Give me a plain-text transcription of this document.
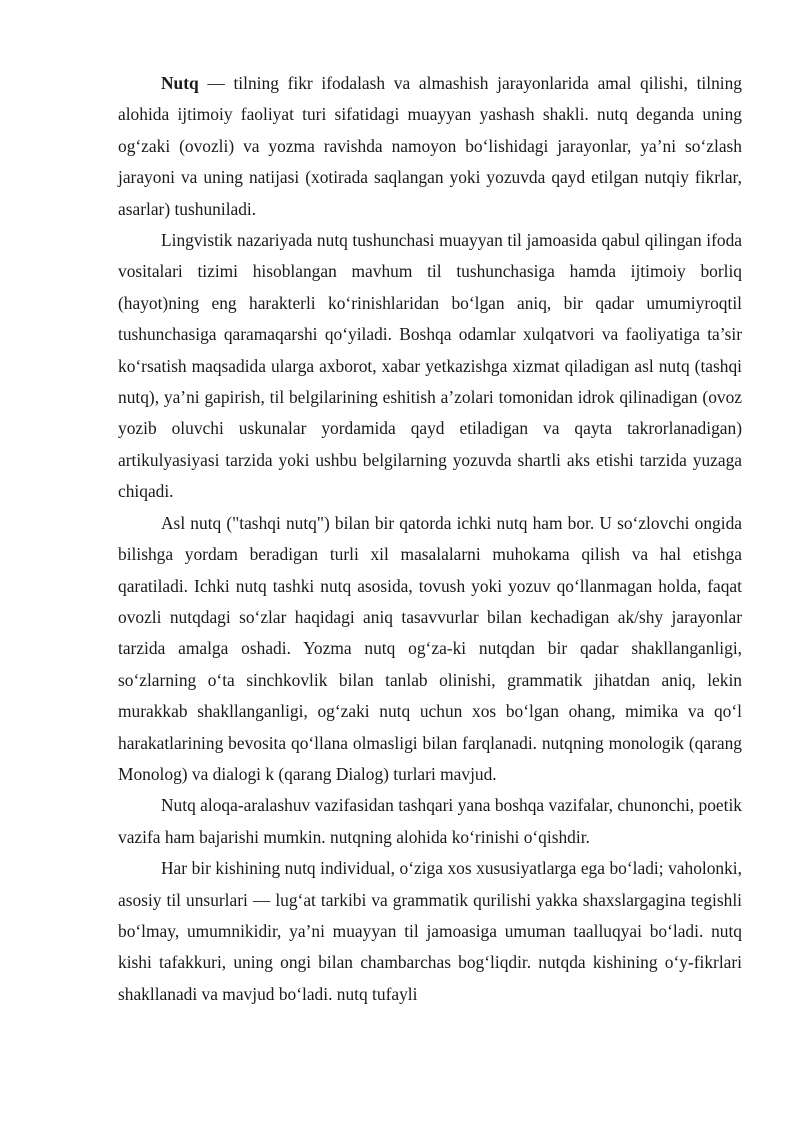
Nutq — tilning fikr ifodalash va almashish jarayonlarida amal qilishi, tilning alohida ijtimoiy faoliyat turi sifatidagi muayyan yashash shakli. nutq deganda uning og‘zaki (ovozli) va yozma ravishda namoyon bo‘lishidagi jarayonlar, ya’ni so‘zlash jarayoni va uning natijasi (xotirada saqlangan yoki yozuvda qayd etilgan nutqiy fikrlar, asarlar) tushuniladi.

Lingvistik nazariyada nutq tushunchasi muayyan til jamoasida qabul qilingan ifoda vositalari tizimi hisoblangan mavhum til tushunchasiga hamda ijtimoiy borliq (hayot)ning eng harakterli ko‘rinishlaridan bo‘lgan aniq, bir qadar umumiyroqtil tushunchasiga qaramaqarshi qo‘yiladi. Boshqa odamlar xulqatvori va faoliyatiga ta’sir ko‘rsatish maqsadida ularga axborot, xabar yetkazishga xizmat qiladigan asl nutq (tashqi nutq), ya’ni gapirish, til belgilarining eshitish a’zolari tomonidan idrok qilinadigan (ovoz yozib oluvchi uskunalar yordamida qayd etiladigan va qayta takrorlanadigan) artikulyasiyasi tarzida yoki ushbu belgilarning yozuvda shartli aks etishi tarzida yuzaga chiqadi.

Asl nutq ("tashqi nutq") bilan bir qatorda ichki nutq ham bor. U so‘zlovchi ongida bilishga yordam beradigan turli xil masalalarni muhokama qilish va hal etishga qaratiladi. Ichki nutq tashki nutq asosida, tovush yoki yozuv qo‘llanmagan holda, faqat ovozli nutqdagi so‘zlar haqidagi aniq tasavvurlar bilan kechadigan ak/shy jarayonlar tarzida amalga oshadi. Yozma nutq og‘za-ki nutqdan bir qadar shakllanganligi, so‘zlarning o‘ta sinchkovlik bilan tanlab olinishi, grammatik jihatdan aniq, lekin murakkab shakllanganligi, og‘zaki nutq uchun xos bo‘lgan ohang, mimika va qo‘l harakatlarining bevosita qo‘llana olmasligi bilan farqlanadi. nutqning monologik (qarang Monolog) va dialogi k (qarang Dialog) turlari mavjud.

Nutq aloqa-aralashuv vazifasidan tashqari yana boshqa vazifalar, chunonchi, poetik vazifa ham bajarishi mumkin. nutqning alohida ko‘rinishi o‘qishdir.

Har bir kishining nutq individual, o‘ziga xos xususiyatlarga ega bo‘ladi; vaholonki, asosiy til unsurlari — lug‘at tarkibi va grammatik qurilishi yakka shaxslargagina tegishli bo‘lmay, umumnikidir, ya’ni muayyan til jamoasiga umuman taalluqyai bo‘ladi. nutq kishi tafakkuri, uning ongi bilan chambarchas bog‘liqdir. nutqda kishining o‘y-fikrlari shakllanadi va mavjud bo‘ladi. nutq tufayli
